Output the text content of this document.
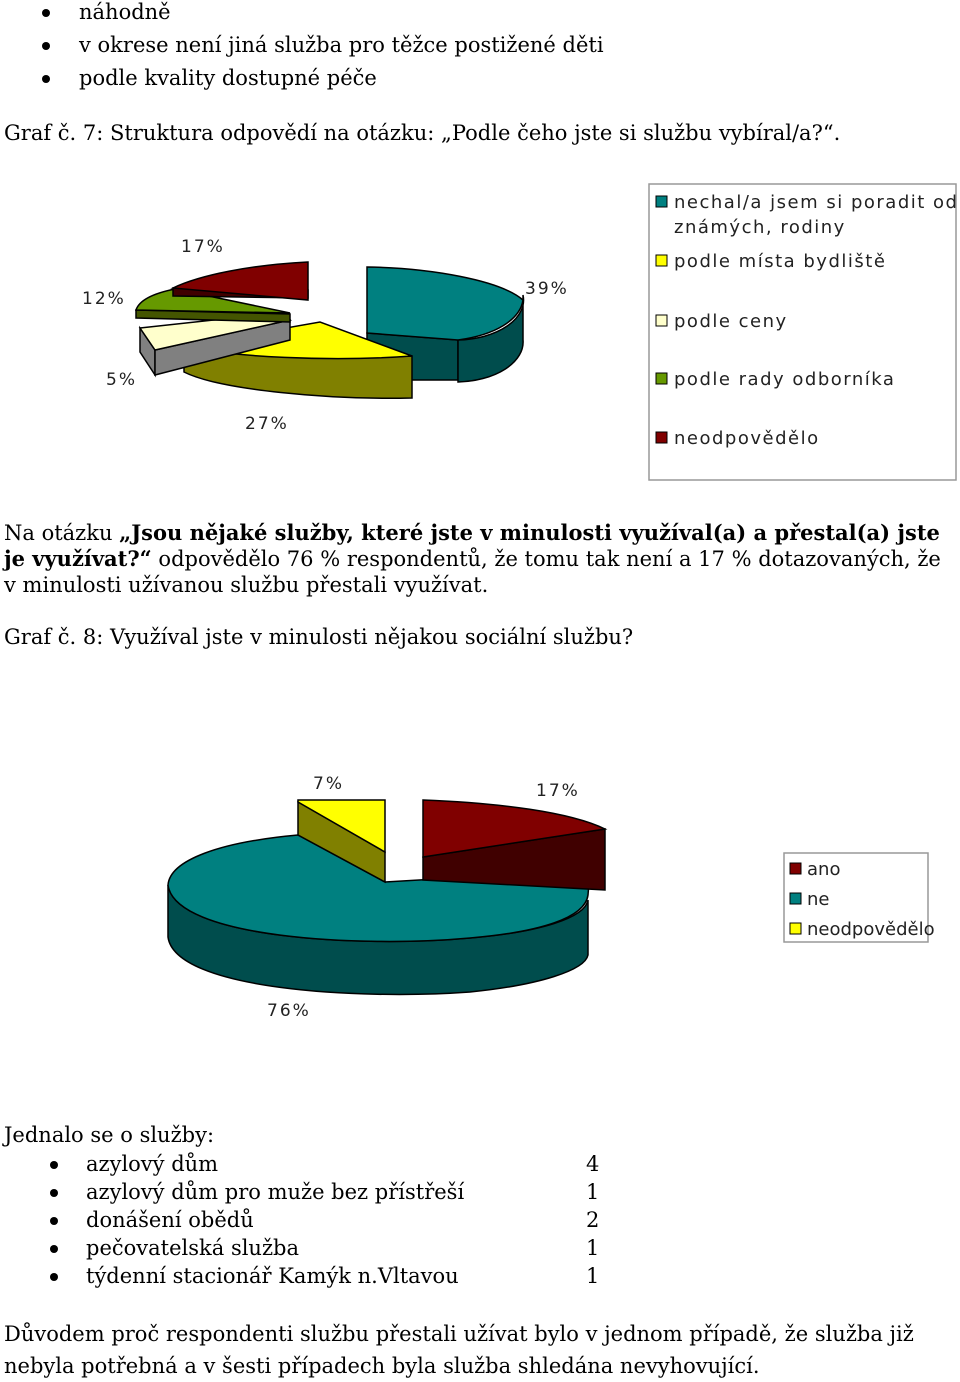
náhodně
v okrese není jiná služba pro těžce postižené děti
podle kvality dostupné péče
Graf č. 7: Struktura odpovědí na otázku: „Podle čeho jste si službu vybíral/a?“.
17%
12%
5%
27%
39%
nechal/a jsem si poradit od
známých, rodiny
podle místa bydliště
podle ceny
podle rady odborníka
neodpovědělo
Na otázku „Jsou nějaké služby, které jste v minulosti využíval(a) a přestal(a) jste je využívat?“ odpovědělo 76 % respondentů, že tomu tak není a 17 % dotazovaných, že v minulosti užívanou službu přestali využívat.
Graf č. 8: Využíval jste v minulosti nějakou sociální službu?
7%	17%
76%
ano
ne
neodpovědělo
Jednalo se o služby:
azylový dům	4
azylový dům pro muže bez přístřeší	1
donášení obědů	2
pečovatelská služba	1
týdenní stacionář Kamýk n.Vltavou	1
Důvodem proč respondenti službu přestali užívat bylo v jednom případě, že služba již nebyla potřebná a v šesti případech byla služba shledána nevyhovující.
